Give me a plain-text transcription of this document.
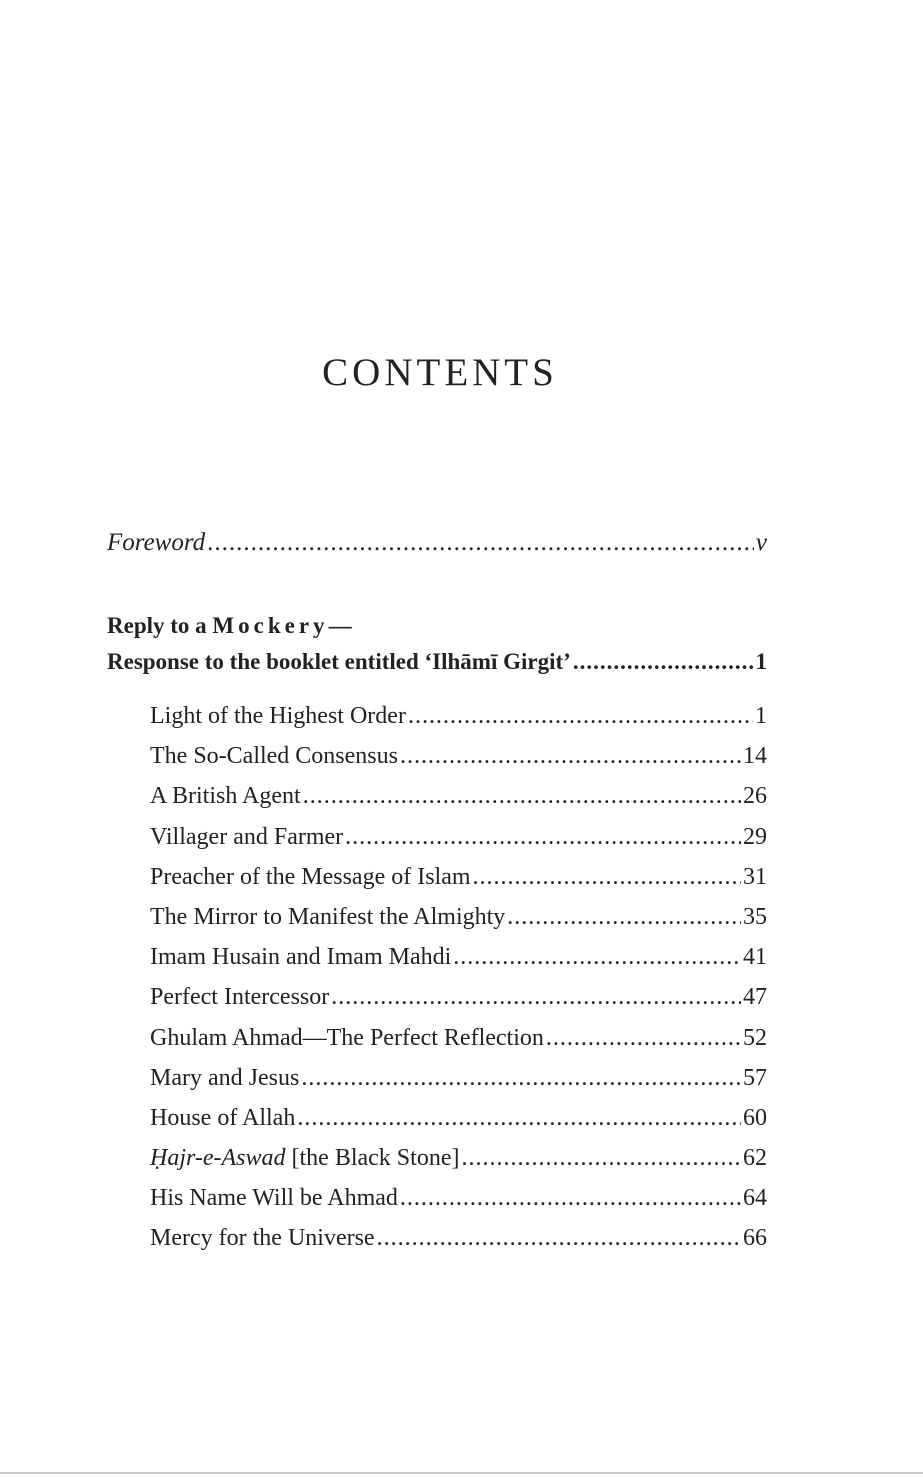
CONTENTS
Foreword .....	v
Reply to a Mockery—
Response to the booklet entitled ‘Ilhāmī Girgit’ .....	1
Light of the Highest Order .....	1
The So-Called Consensus .....	14
A British Agent .....	26
Villager and Farmer .....	29
Preacher of the Message of Islam .....	31
The Mirror to Manifest the Almighty .....	35
Imam Husain and Imam Mahdi .....	41
Perfect Intercessor .....	47
Ghulam Ahmad—The Perfect Reflection .....	52
Mary and Jesus .....	57
House of Allah .....	60
Ḥajr-e-Aswad [the Black Stone] .....	62
His Name Will be Ahmad .....	64
Mercy for the Universe .....	66
